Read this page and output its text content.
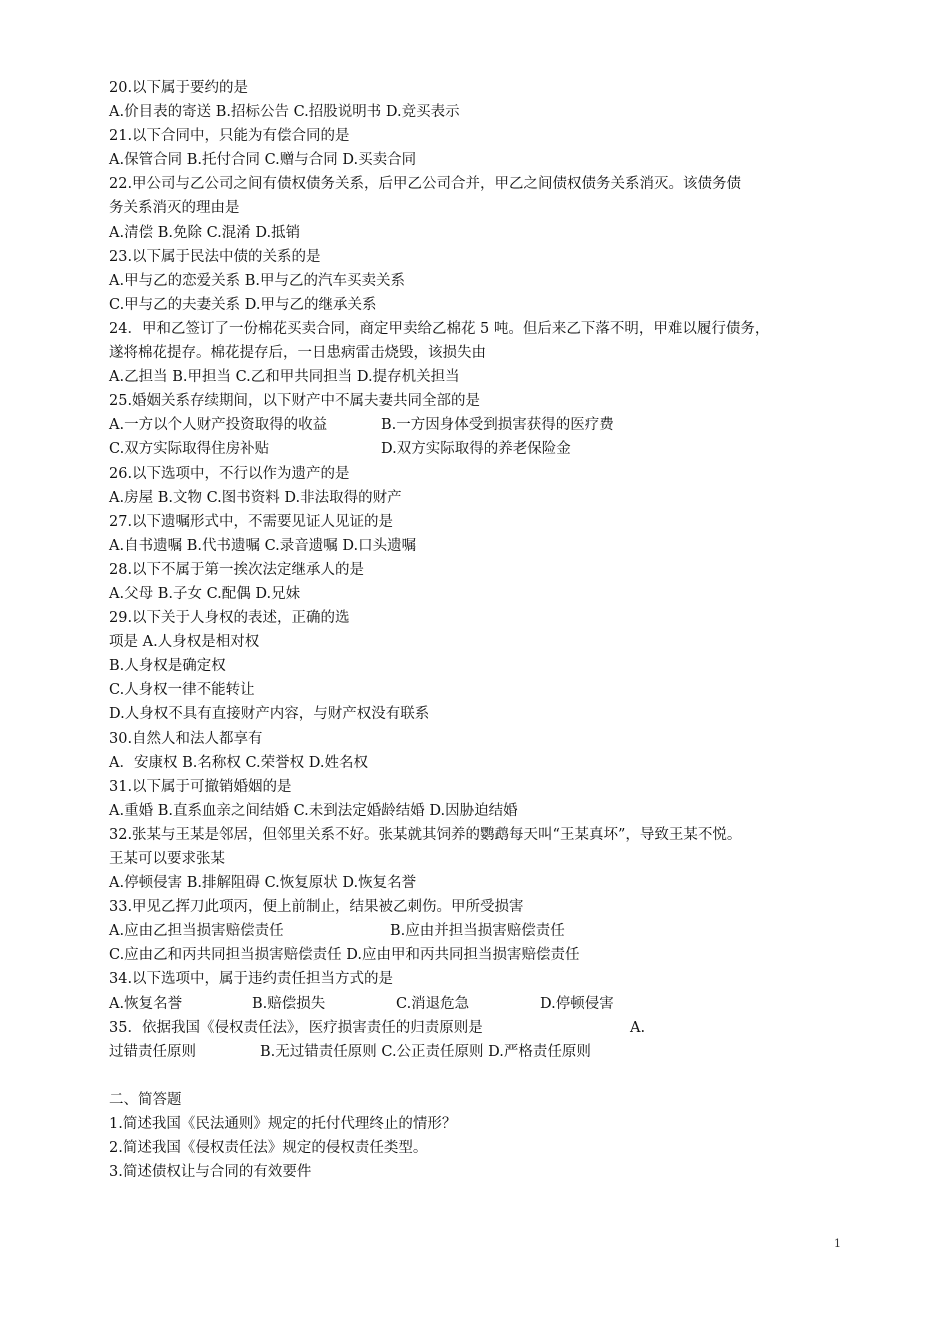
20.以下属于要约的是
A.价目表的寄送 B.招标公告 C.招股说明书 D.竞买表示
21.以下合同中，只能为有偿合同的是
A.保管合同 B.托付合同 C.赠与合同 D.买卖合同
22.甲公司与乙公司之间有债权债务关系，后甲乙公司合并，甲乙之间债权债务关系消灭。该债务债
务关系消灭的理由是
A.清偿 B.免除 C.混淆 D.抵销
23.以下属于民法中债的关系的是
A.甲与乙的恋爱关系 B.甲与乙的汽车买卖关系
C.甲与乙的夫妻关系 D.甲与乙的继承关系
24．甲和乙签订了一份棉花买卖合同，商定甲卖给乙棉花 5 吨。但后来乙下落不明，甲难以履行债务，
遂将棉花提存。棉花提存后，一日患病雷击烧毁，该损失由
A.乙担当 B.甲担当 C.乙和甲共同担当 D.提存机关担当
25.婚姻关系存续期间，以下财产中不属夫妻共同全部的是
A.一方以个人财产投资取得的收益	B.一方因身体受到损害获得的医疗费
C.双方实际取得住房补贴	D.双方实际取得的养老保险金
26.以下选项中，不行以作为遗产的是
A.房屋 B.文物 C.图书资料 D.非法取得的财产
27.以下遗嘱形式中，不需要见证人见证的是
A.自书遗嘱 B.代书遗嘱 C.录音遗嘱 D.口头遗嘱
28.以下不属于第一挨次法定继承人的是
A.父母 B.子女 C.配偶 D.兄妹
29.以下关于人身权的表述，正确的选
项是 A.人身权是相对权
B.人身权是确定权
C.人身权一律不能转让
D.人身权不具有直接财产内容，与财产权没有联系
30.自然人和法人都享有
A．安康权 B.名称权 C.荣誉权 D.姓名权
31.以下属于可撤销婚姻的是
A.重婚 B.直系血亲之间结婚 C.未到法定婚龄结婚 D.因胁迫结婚
32.张某与王某是邻居，但邻里关系不好。张某就其饲养的鹦鹉每天叫“王某真坏”，导致王某不悦。
王某可以要求张某
A.停顿侵害 B.排解阻碍 C.恢复原状 D.恢复名誉
33.甲见乙挥刀此项丙，便上前制止，结果被乙刺伤。甲所受损害
A.应由乙担当损害赔偿责任	B.应由并担当损害赔偿责任
C.应由乙和丙共同担当损害赔偿责任 D.应由甲和丙共同担当损害赔偿责任
34.以下选项中，属于违约责任担当方式的是
A.恢复名誉	B.赔偿损失	C.消退危急	D.停顿侵害
35．依据我国《侵权责任法》，医疗损害责任的归责原则是	A.
过错责任原则	B.无过错责任原则 C.公正责任原则 D.严格责任原则
二、简答题
1.简述我国《民法通则》规定的托付代理终止的情形？
2.简述我国《侵权责任法》规定的侵权责任类型。
3.简述债权让与合同的有效要件
1
